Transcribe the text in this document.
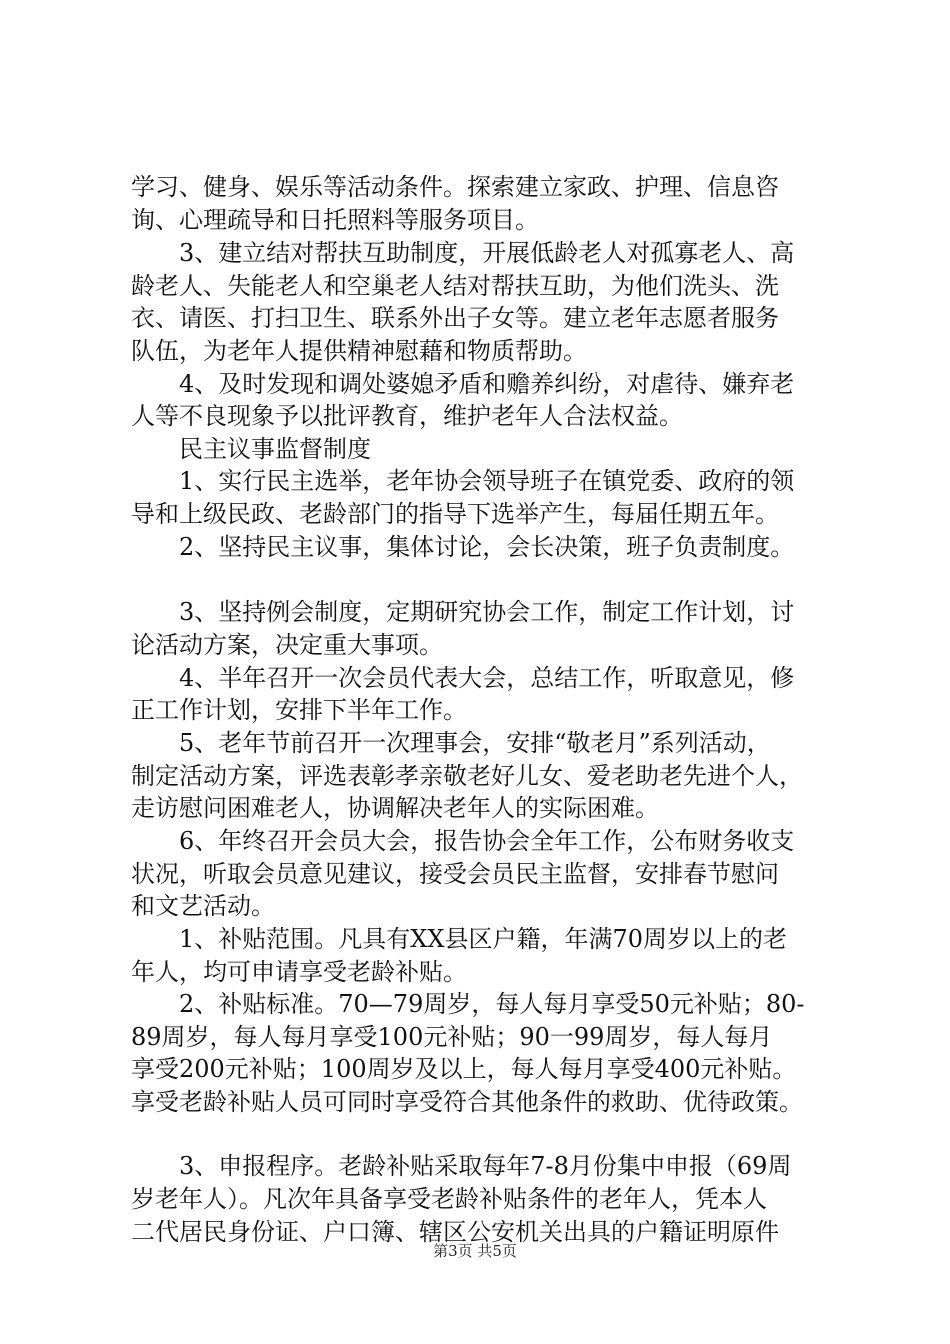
学习、健身、娱乐等活动条件。探索建立家政、护理、信息咨
询、心理疏导和日托照料等服务项目。
3、建立结对帮扶互助制度，开展低龄老人对孤寡老人、高
龄老人、失能老人和空巢老人结对帮扶互助，为他们洗头、洗
衣、请医、打扫卫生、联系外出子女等。建立老年志愿者服务
队伍，为老年人提供精神慰藉和物质帮助。
4、及时发现和调处婆媳矛盾和赡养纠纷，对虐待、嫌弃老
人等不良现象予以批评教育，维护老年人合法权益。
民主议事监督制度
1、实行民主选举，老年协会领导班子在镇党委、政府的领
导和上级民政、老龄部门的指导下选举产生，每届任期五年。
2、坚持民主议事，集体讨论，会长决策，班子负责制度。
3、坚持例会制度，定期研究协会工作，制定工作计划，讨
论活动方案，决定重大事项。
4、半年召开一次会员代表大会，总结工作，听取意见，修
正工作计划，安排下半年工作。
5、老年节前召开一次理事会，安排“敬老月”系列活动，
制定活动方案，评选表彰孝亲敬老好儿女、爱老助老先进个人，
走访慰问困难老人，协调解决老年人的实际困难。
6、年终召开会员大会，报告协会全年工作，公布财务收支
状况，听取会员意见建议，接受会员民主监督，安排春节慰问
和文艺活动。
1、补贴范围。凡具有XX县区户籍，年满70周岁以上的老
年人，均可申请享受老龄补贴。
2、补贴标准。70—79周岁，每人每月享受50元补贴；80-
89周岁，每人每月享受100元补贴；90一99周岁，每人每月
享受200元补贴；100周岁及以上，每人每月享受400元补贴。
享受老龄补贴人员可同时享受符合其他条件的救助、优待政策。
3、申报程序。老龄补贴采取每年7-8月份集中申报（69周
岁老年人）。凡次年具备享受老龄补贴条件的老年人，凭本人
二代居民身份证、户口簿、辖区公安机关出具的户籍证明原件
第3页 共5页
